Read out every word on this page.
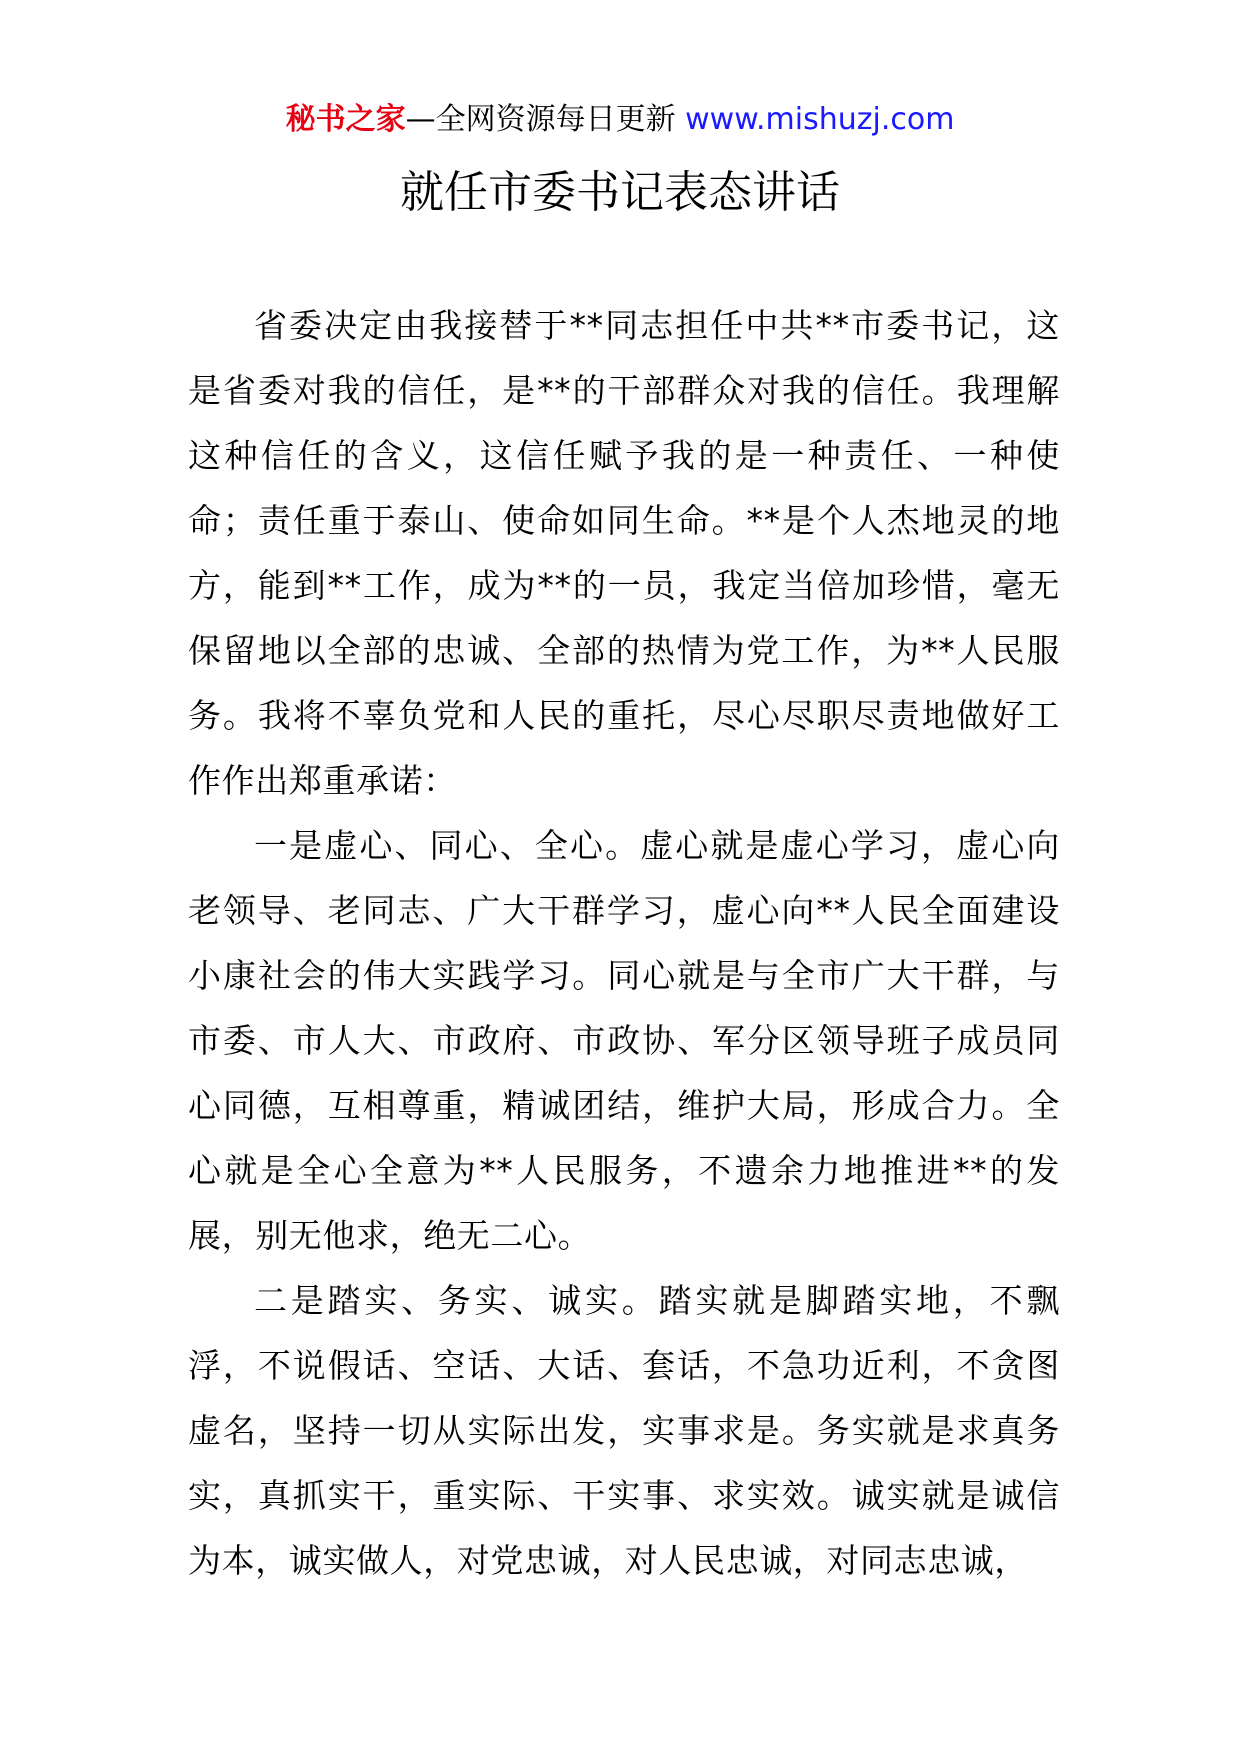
秘书之家—全网资源每日更新 www.mishuzj.com
就任市委书记表态讲话

省委决定由我接替于**同志担任中共**市委书记，这是省委对我的信任，是**的干部群众对我的信任。我理解这种信任的含义，这信任赋予我的是一种责任、一种使命；责任重于泰山、使命如同生命。**是个人杰地灵的地方，能到**工作，成为**的一员，我定当倍加珍惜，毫无保留地以全部的忠诚、全部的热情为党工作，为**人民服务。我将不辜负党和人民的重托，尽心尽职尽责地做好工作作出郑重承诺：

一是虚心、同心、全心。虚心就是虚心学习，虚心向老领导、老同志、广大干群学习，虚心向**人民全面建设小康社会的伟大实践学习。同心就是与全市广大干群，与市委、市人大、市政府、市政协、军分区领导班子成员同心同德，互相尊重，精诚团结，维护大局，形成合力。全心就是全心全意为**人民服务，不遗余力地推进**的发展，别无他求，绝无二心。

二是踏实、务实、诚实。踏实就是脚踏实地，不飘浮，不说假话、空话、大话、套话，不急功近利，不贪图虚名，坚持一切从实际出发，实事求是。务实就是求真务实，真抓实干，重实际、干实事、求实效。诚实就是诚信为本，诚实做人，对党忠诚，对人民忠诚，对同志忠诚，
